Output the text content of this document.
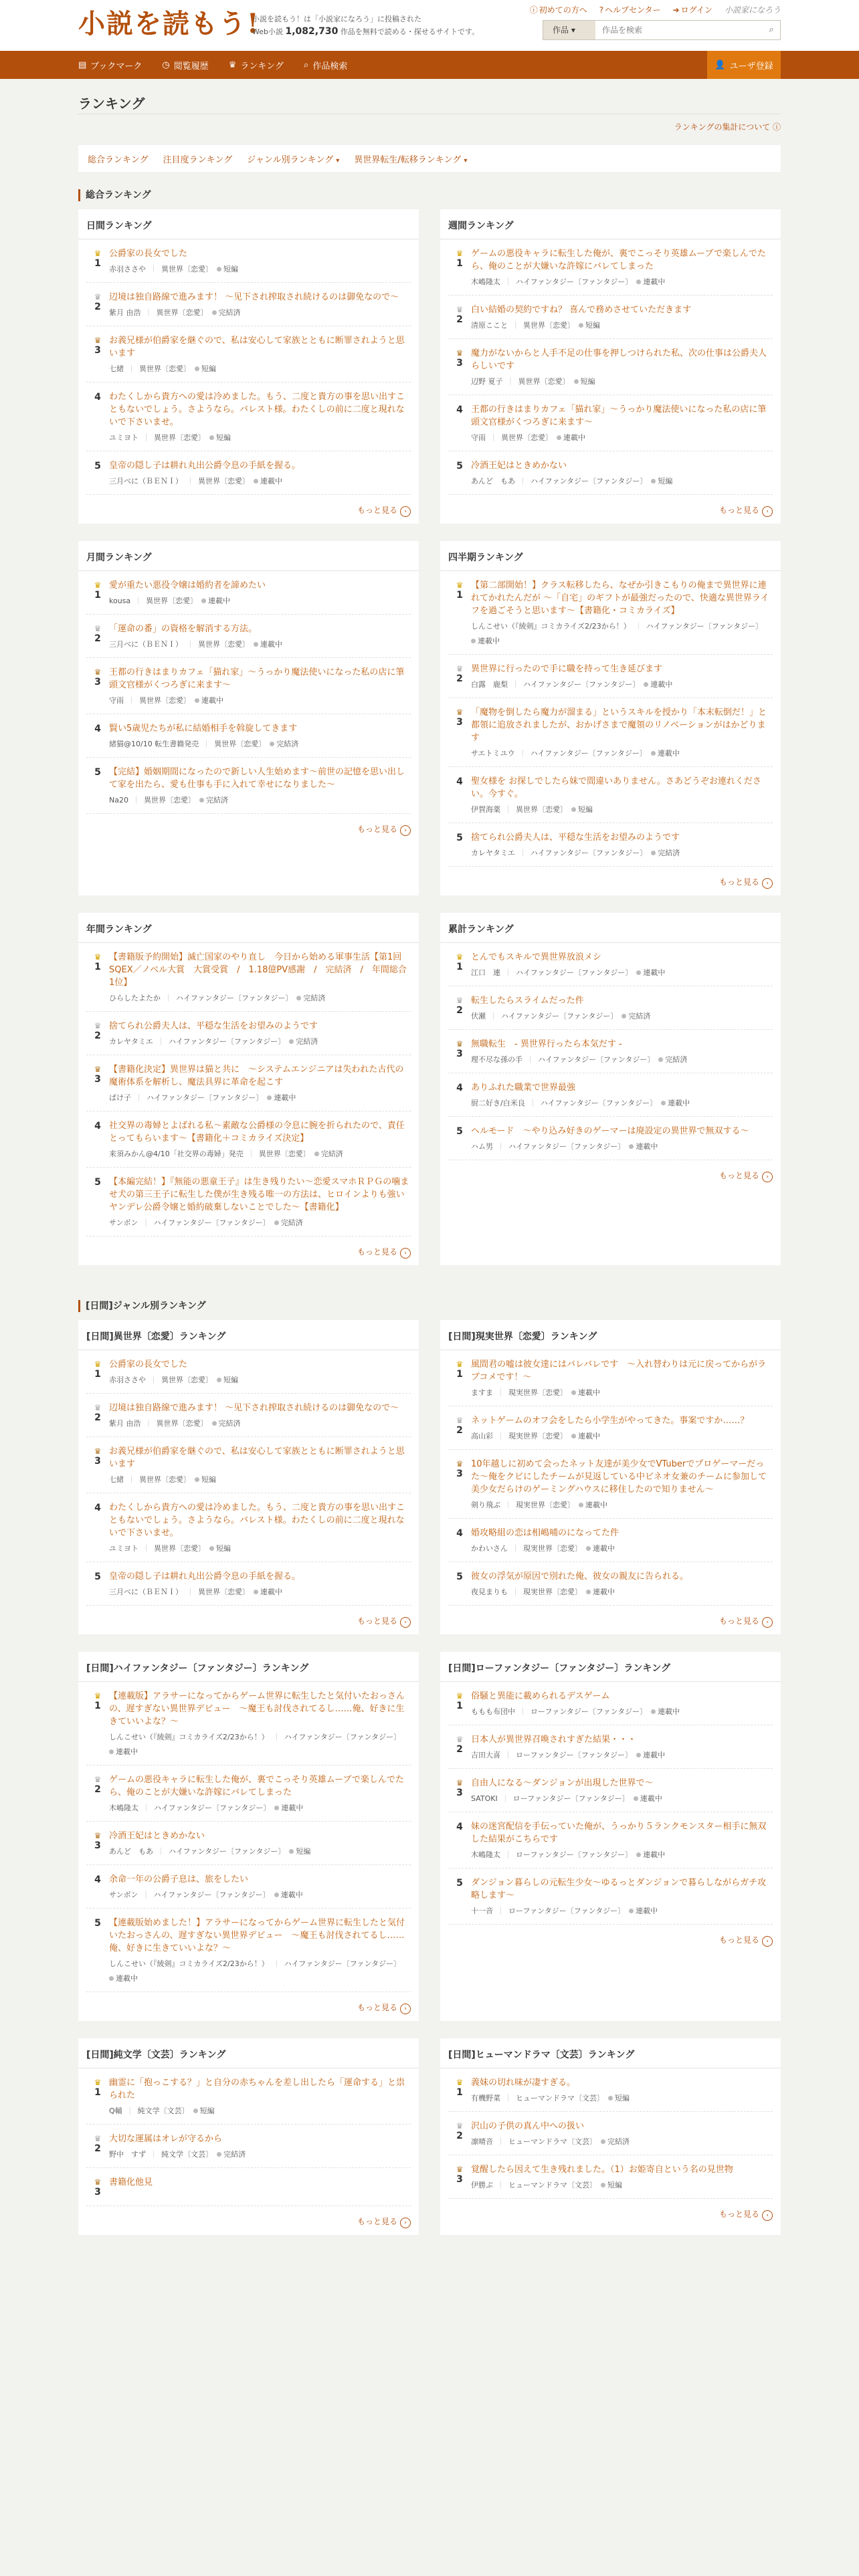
小説を読もう!
小説を読もう！は「小説家になろう」に投稿された
Web小説 1,082,730 作品を無料で読める・探せるサイトです。
ⓘ 初めての方へ ? ヘルプセンター ➜ ログイン 小説家になろう
作品 ▾
作品を検索	⌕
▤ ブックマーク ◷ 閲覧履歴 ♛ ランキング ⌕ 作品検索	👤 ユーザ登録
ランキング
ランキングの集計について ⓘ
総合ランキング 注目度ランキング ジャンル別ランキング ▾ 異世界転生/転移ランキング ▾
総合ランキング
日間ランキング
♛
1
公爵家の長女でした
赤羽ささや ｜ 異世界〔恋愛〕	短編
♛
2
辺境は独自路線で進みます！ 〜见下され搾取され続けるのは御免なので〜
紫月 由浩 ｜ 異世界〔恋愛〕	完結済
♛
3
お義兄様が伯爵家を継ぐので、私は安心して家族とともに断罪されようと思います
七緒 ｜ 異世界〔恋愛〕	短編
4 わたくしから貴方への愛は冷めました。もう、二度と貴方の事を思い出すこともないでしょう。さようなら。バレスト様。わたくしの前に二度と現れないで下さいませ。
ユミヨト ｜ 異世界〔恋愛〕	短編
5 皇帝の隠し子は耕れ丸出公爵令息の手紙を握る。
三月べに（ＢＥＮＩ） ｜ 異世界〔恋愛〕	連載中
もっと見る ›
週間ランキング
♛
1
ゲームの悪役キャラに転生した俺が、裏でこっそり英雄ムーブで楽しんでたら、俺のことが大嫌いな許嫁にバレてしまった
木嶋隆太 ｜ ハイファンタジー〔ファンタジー〕	連載中
♛
2
白い結婚の契約ですね？ 喜んで務めさせていただきます
清原ここと ｜ 異世界〔恋愛〕	短編
♛
3
魔力がないからと人手不足の仕事を押しつけられた私、次の仕事は公爵夫人らしいです
辺野 夏子 ｜ 異世界〔恋愛〕	短編
4 王都の行きはまりカフェ「猫れ家」〜うっかり魔法使いになった私の店に筆頭文官様がくつろぎに来ます〜
守雨 ｜ 異世界〔恋愛〕	連載中
5 冷酒王妃はときめかない
あんど　もあ ｜ ハイファンタジー〔ファンタジー〕	短編
もっと見る ›
月間ランキング
♛
1
愛が重たい悪役令嬢は婚約者を諦めたい
kousa ｜ 異世界〔恋愛〕	連載中
♛
2
「運命の番」の資格を解消する方法。
三月べに（ＢＥＮＩ） ｜ 異世界〔恋愛〕	連載中
♛
3
王都の行きはまりカフェ「猫れ家」〜うっかり魔法使いになった私の店に筆頭文官様がくつろぎに来ます〜
守雨 ｜ 異世界〔恋愛〕	連載中
4 賢い5歳児たちが私に結婚相手を斡旋してきます
緒猫@10/10 転生書籍発売 ｜ 異世界〔恋愛〕	完結済
5 【完結】婚姻期間になったので新しい人生始めます〜前世の記憶を思い出して家を出たら、愛も仕事も手に入れて幸せになりました〜
Na20 ｜ 異世界〔恋愛〕	完結済
もっと見る ›
四半期ランキング
♛
1
【第二部開始！】クラス転移したら、なぜか引きこもりの俺まで異世界に連れてかれたんだが 〜「自宅」のギフトが最強だったので、快適な異世界ライフを過ごそうと思います〜【書籍化・コミカライズ】
しんこせい（『綾剣』コミカライズ2/23から！） ｜ ハイファンタジー〔ファンタジー〕
連載中
♛
2
異世界に行ったので手に職を持って生き延びます
白露　鹿梨 ｜ ハイファンタジー〔ファンタジー〕	連載中
♛
3
「魔物を倒したら魔力が溜まる」というスキルを授かり「本末転倒だ！」と都領に追放されましたが、おかげさまで魔領のリノベーションがはかどります
サエトミユウ ｜ ハイファンタジー〔ファンタジー〕	連載中
4 聖女様を お探しでしたら妹で間違いありません。さあどうぞお連れください。今すぐ。
伊賀海薬 ｜ 異世界〔恋愛〕	短編
5 捨てられ公爵夫人は、平穏な生活をお望みのようです
カレヤタミエ ｜ ハイファンタジー〔ファンタジー〕	完結済
もっと見る ›
年間ランキング
♛
1
【書籍版予約開始】滅亡国家のやり直し　今日から始める軍事生活【第1回SQEX／ノベル大賞　大賞受賞　/　1.18億PV感謝　/　完結済　/　年間総合1位】
ひらしたよたか ｜ ハイファンタジー〔ファンタジー〕	完結済
♛
2
捨てられ公爵夫人は、平穏な生活をお望みのようです
カレヤタミエ ｜ ハイファンタジー〔ファンタジー〕	完結済
♛
3
【書籍化決定】異世界は猫と共に　〜システムエンジニアは失われた古代の魔術体系を解析し、魔法具界に革命を起こす
ぱけ子 ｜ ハイファンタジー〔ファンタジー〕	連載中
4 社交界の毒婦とよばれる私〜素敵な公爵様の令息に腕を折られたので、責任とってもらいます〜【書籍化＋コミカライズ決定】
来須みかん@4/10「社交界の毒婦」発売 ｜ 異世界〔恋愛〕	完結済
5 【本編完結！】『無能の悪童王子』は生き残りたい〜恋愛スマホＲＰＧの噛ませ犬の第三王子に転生した僕が生き残る唯一の方法は、ヒロインよりも強いヤンデレ公爵令嬢と婚約破棄しないことでした〜【書籍化】
サンボン ｜ ハイファンタジー〔ファンタジー〕	完結済
もっと見る ›
累計ランキング
♛
1
とんでもスキルで異世界放浪メシ
江口　連 ｜ ハイファンタジー〔ファンタジー〕	連載中
♛
2
転生したらスライムだった件
伏瀬 ｜ ハイファンタジー〔ファンタジー〕	完結済
♛
3
無職転生　- 異世界行ったら本気だす -
理不尽な孫の手 ｜ ハイファンタジー〔ファンタジー〕	完結済
4 ありふれた職業で世界最強
厨二好き/白米良 ｜ ハイファンタジー〔ファンタジー〕	連載中
5 ヘルモード　〜やり込み好きのゲーマーは廃設定の異世界で無双する〜
ハム男 ｜ ハイファンタジー〔ファンタジー〕	連載中
もっと見る ›
[日間]ジャンル別ランキング
[日間]異世界〔恋愛〕ランキング
♛
1
公爵家の長女でした
赤羽ささや ｜ 異世界〔恋愛〕	短編
♛
2
辺境は独自路線で進みます！ 〜见下され搾取され続けるのは御免なので〜
紫月 由浩 ｜ 異世界〔恋愛〕	完結済
♛
3
お義兄様が伯爵家を継ぐので、私は安心して家族とともに断罪されようと思います
七緒 ｜ 異世界〔恋愛〕	短編
4 わたくしから貴方への愛は冷めました。もう、二度と貴方の事を思い出すこともないでしょう。さようなら。バレスト様。わたくしの前に二度と現れないで下さいませ。
ユミヨト ｜ 異世界〔恋愛〕	短編
5 皇帝の隠し子は耕れ丸出公爵令息の手紙を握る。
三月べに（ＢＥＮＩ） ｜ 異世界〔恋愛〕	連載中
もっと見る ›
[日間]現実世界〔恋愛〕ランキング
♛
1
風間君の嘘は彼女達にはバレバレです　〜入れ替わりは元に戻ってからがラブコメです！〜
ますま ｜ 現実世界〔恋愛〕	連載中
♛
2
ネットゲームのオフ会をしたら小学生がやってきた。事案ですか……？
高山彩 ｜ 現実世界〔恋愛〕	連載中
♛
3
10年越しに初めて会ったネット友達が美少女でVTuberでプロゲーマーだった〜俺をクビにしたチームが見返している中ビネオ女兼のチームに参加して美少女だらけのゲーミングハウスに移住したので知りません〜
剣り飛ぶ ｜ 現実世界〔恋愛〕	連載中
4 婚攻略組の恋は相嶋哺のになってた件
かわいさん ｜ 現実世界〔恋愛〕	連載中
5 彼女の浮気が原因で別れた俺、彼女の親友に告られる。
夜見まりも ｜ 現実世界〔恋愛〕	連載中
もっと見る ›
[日間]ハイファンタジー〔ファンタジー〕ランキング
♛
1
【連載版】アラサーになってからゲーム世界に転生したと気付いたおっさんの、遅すぎない異世界デビュー　〜魔王も討伐されてるし……俺、好きに生きていいよな？〜
しんこせい（『綾剣』コミカライズ2/23から！） ｜ ハイファンタジー〔ファンタジー〕
連載中
♛
2
ゲームの悪役キャラに転生した俺が、裏でこっそり英雄ムーブで楽しんでたら、俺のことが大嫌いな許嫁にバレてしまった
木嶋隆太 ｜ ハイファンタジー〔ファンタジー〕	連載中
♛
3
冷酒王妃はときめかない
あんど　もあ ｜ ハイファンタジー〔ファンタジー〕	短編
4 余命一年の公爵子息は、旅をしたい
サンボン ｜ ハイファンタジー〔ファンタジー〕	連載中
5 【連載版始めました！】アラサーになってからゲーム世界に転生したと気付いたおっさんの、遅すぎない異世界デビュー　〜魔王も討伐されてるし……俺、好きに生きていいよな？〜
しんこせい（『綾剣』コミカライズ2/23から！） ｜ ハイファンタジー〔ファンタジー〕
連載中
もっと見る ›
[日間]ローファンタジー〔ファンタジー〕ランキング
♛
1
俗騒と異能に載められるデスゲーム
ももも布団中 ｜ ローファンタジー〔ファンタジー〕	連載中
♛
2
日本人が異世界召喚されすぎた結果・・・
吉田大喜 ｜ ローファンタジー〔ファンタジー〕	連載中
♛
3
自由人になる〜ダンジョンが出現した世界で〜
SATOKI ｜ ローファンタジー〔ファンタジー〕	連載中
4 妹の迷宮配信を手伝っていた俺が、うっかり５ランクモンスター相手に無双した結果がこちらです
木嶋隆太 ｜ ローファンタジー〔ファンタジー〕	連載中
5 ダンジョン暮らしの元転生少女〜ゆるっとダンジョンで暮らしながらガチ攻略します〜
十一音 ｜ ローファンタジー〔ファンタジー〕	連載中
もっと見る ›
[日間]純文学〔文芸〕ランキング
♛
1
幽霊に「抱っこする？」と自分の赤ちゃんを差し出したら「運命する」と祟られた
Q輔 ｜ 純文学〔文芸〕	短編
♛
2
大切な運属はオレが守るから
野中　すず ｜ 純文学〔文芸〕	完結済
♛
3
書籍化他見
もっと見る ›
[日間]ヒューマンドラマ〔文芸〕ランキング
♛
1
義妹の切れ味が凄すぎる。
有機野菜 ｜ ヒューマンドラマ〔文芸〕	短編
♛
2
沢山の子供の真ん中への扱い
凛晴音 ｜ ヒューマンドラマ〔文芸〕	完結済
♛
3
覚醒したら因えて生き残れました。（1）お姫寄自という名の見世物
伊勝ぷ ｜ ヒューマンドラマ〔文芸〕	短編
もっと見る ›
